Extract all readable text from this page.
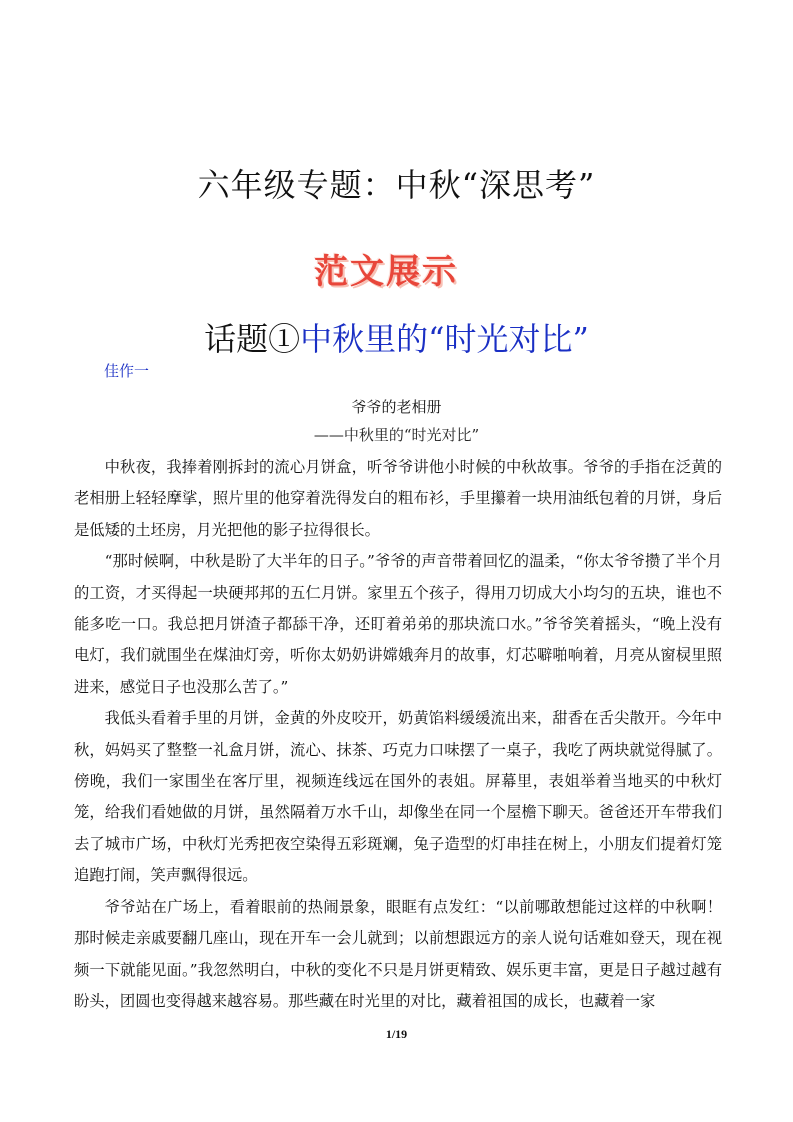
六年级专题：中秋“深思考”
范文展示
话题①中秋里的“时光对比”
佳作一
爷爷的老相册
——中秋里的“时光对比”

中秋夜，我捧着刚拆封的流心月饼盒，听爷爷讲他小时候的中秋故事。爷爷的手指在泛黄的老相册上轻轻摩挲，照片里的他穿着洗得发白的粗布衫，手里攥着一块用油纸包着的月饼，身后是低矮的土坯房，月光把他的影子拉得很长。

“那时候啊，中秋是盼了大半年的日子。”爷爷的声音带着回忆的温柔，“你太爷爷攒了半个月的工资，才买得起一块硬邦邦的五仁月饼。家里五个孩子，得用刀切成大小均匀的五块，谁也不能多吃一口。我总把月饼渣子都舔干净，还盯着弟弟的那块流口水。”爷爷笑着摇头，“晚上没有电灯，我们就围坐在煤油灯旁，听你太奶奶讲嫦娥奔月的故事，灯芯噼啪响着，月亮从窗棂里照进来，感觉日子也没那么苦了。”

我低头看着手里的月饼，金黄的外皮咬开，奶黄馅料缓缓流出来，甜香在舌尖散开。今年中秋，妈妈买了整整一礼盒月饼，流心、抹茶、巧克力口味摆了一桌子，我吃了两块就觉得腻了。傍晚，我们一家围坐在客厅里，视频连线远在国外的表姐。屏幕里，表姐举着当地买的中秋灯笼，给我们看她做的月饼，虽然隔着万水千山，却像坐在同一个屋檐下聊天。爸爸还开车带我们去了城市广场，中秋灯光秀把夜空染得五彩斑斓，兔子造型的灯串挂在树上，小朋友们提着灯笼追跑打闹，笑声飘得很远。

爷爷站在广场上，看着眼前的热闹景象，眼眶有点发红：“以前哪敢想能过这样的中秋啊！那时候走亲戚要翻几座山，现在开车一会儿就到；以前想跟远方的亲人说句话难如登天，现在视频一下就能见面。”我忽然明白，中秋的变化不只是月饼更精致、娱乐更丰富，更是日子越过越有盼头，团圆也变得越来越容易。那些藏在时光里的对比，藏着祖国的成长，也藏着一家

1/19
